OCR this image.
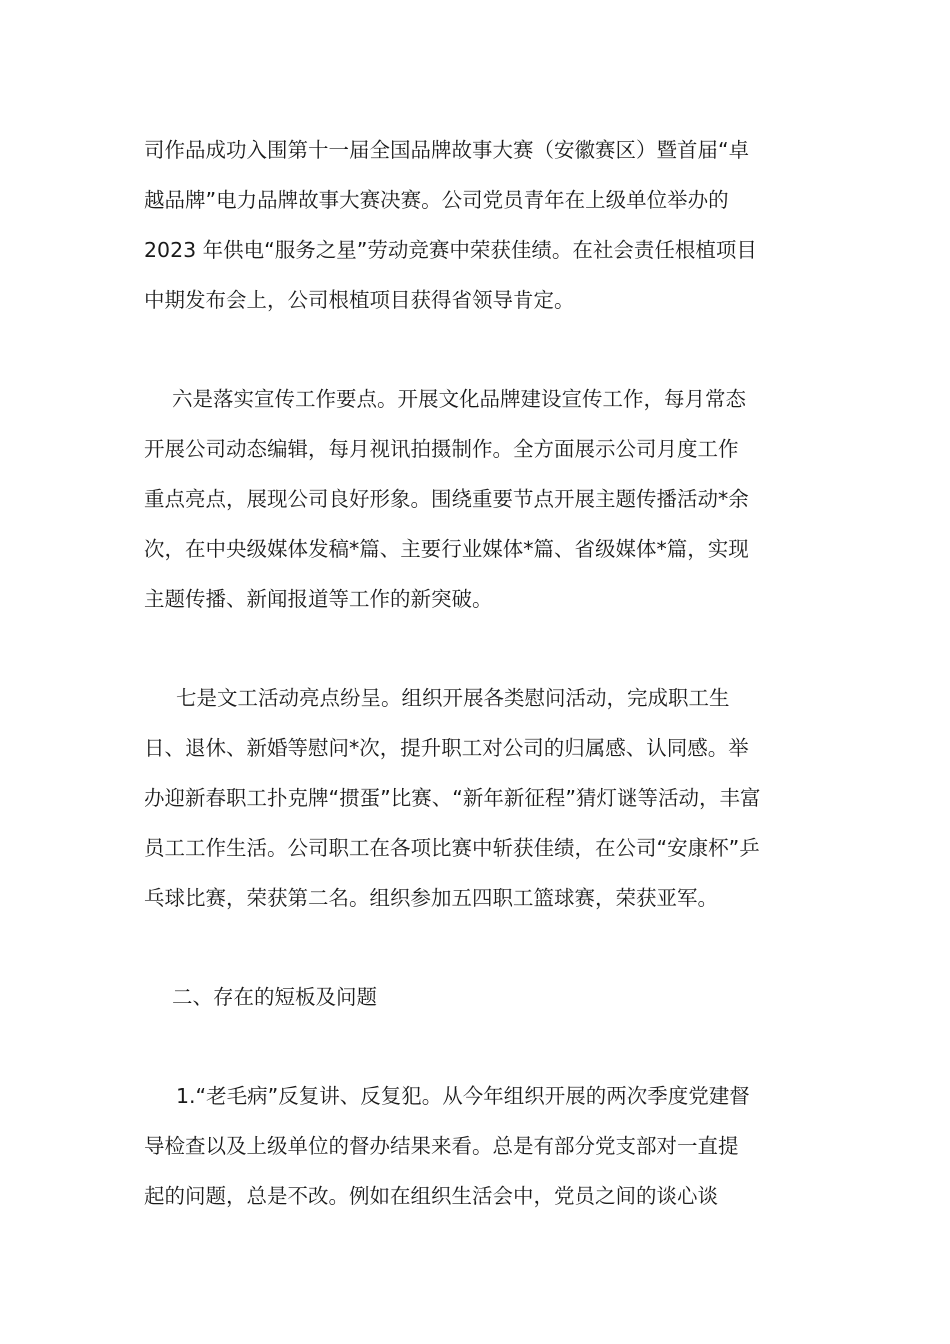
司作品成功入围第十一届全国品牌故事大赛（安徽赛区）暨首届“卓
越品牌”电力品牌故事大赛决赛。公司党员青年在上级单位举办的
2023 年供电“服务之星”劳动竞赛中荣获佳绩。在社会责任根植项目
中期发布会上，公司根植项目获得省领导肯定。
六是落实宣传工作要点。开展文化品牌建设宣传工作，每月常态
开展公司动态编辑，每月视讯拍摄制作。全方面展示公司月度工作
重点亮点，展现公司良好形象。围绕重要节点开展主题传播活动*余
次，在中央级媒体发稿*篇、主要行业媒体*篇、省级媒体*篇，实现
主题传播、新闻报道等工作的新突破。
七是文工活动亮点纷呈。组织开展各类慰问活动，完成职工生
日、退休、新婚等慰问*次，提升职工对公司的归属感、认同感。举
办迎新春职工扑克牌“掼蛋”比赛、“新年新征程”猜灯谜等活动，丰富
员工工作生活。公司职工在各项比赛中斩获佳绩，在公司“安康杯”乒
乓球比赛，荣获第二名。组织参加五四职工篮球赛，荣获亚军。
二、存在的短板及问题
1.“老毛病”反复讲、反复犯。从今年组织开展的两次季度党建督
导检查以及上级单位的督办结果来看。总是有部分党支部对一直提
起的问题，总是不改。例如在组织生活会中，党员之间的谈心谈
